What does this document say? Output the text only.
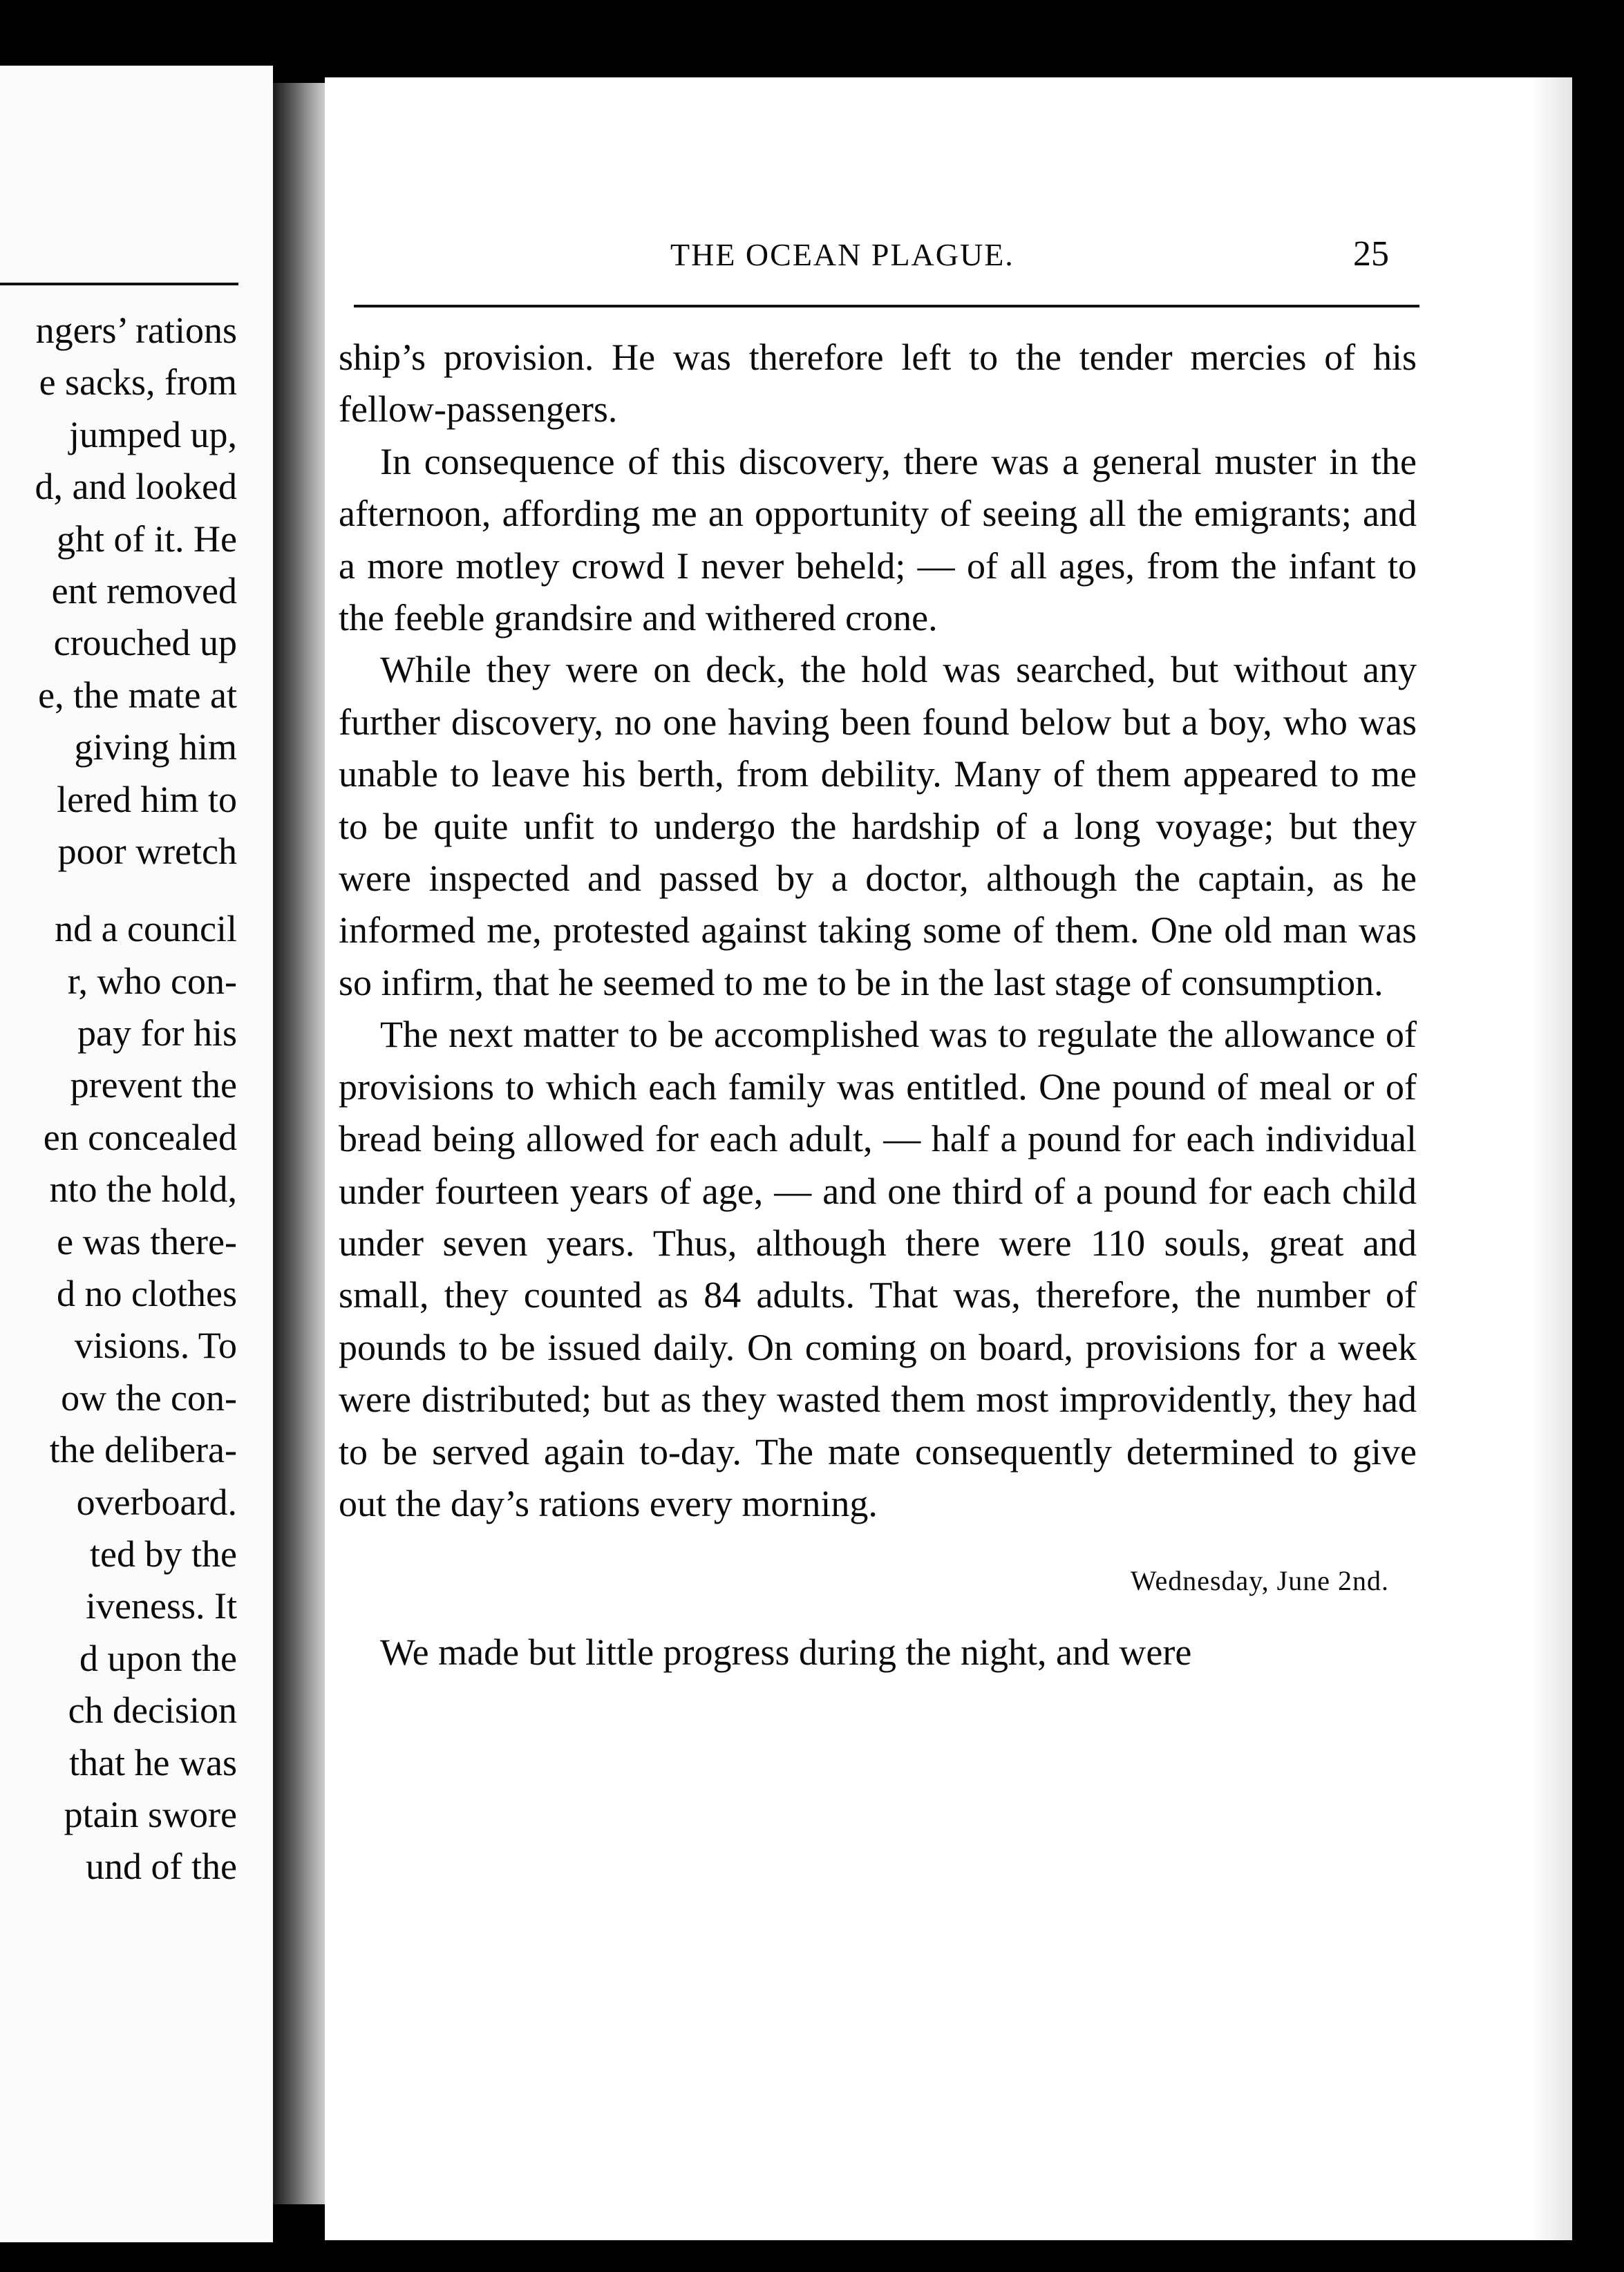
ngers’ rations
e sacks, from
jumped up,
d, and looked
ght of it. He
ent removed
crouched up
e, the mate at
giving him
lered him to
poor wretch
nd a council
r, who con-
pay for his
prevent the
en concealed
nto the hold,
e was there-
d no clothes
visions. To
ow the con-
the delibera-
overboard.
ted by the
iveness. It
d upon the
ch decision
that he was
ptain swore
und of the
THE OCEAN PLAGUE.	25

ship’s provision. He was therefore left to the tender mercies of his fellow-passengers.

In consequence of this discovery, there was a general muster in the afternoon, affording me an opportunity of seeing all the emigrants; and a more motley crowd I never beheld; — of all ages, from the infant to the feeble grandsire and withered crone.

While they were on deck, the hold was searched, but without any further discovery, no one having been found below but a boy, who was unable to leave his berth, from debility. Many of them appeared to me to be quite unfit to undergo the hardship of a long voyage; but they were inspected and passed by a doctor, although the captain, as he informed me, protested against taking some of them. One old man was so infirm, that he seemed to me to be in the last stage of consumption.

The next matter to be accomplished was to regulate the allowance of provisions to which each family was entitled. One pound of meal or of bread being allowed for each adult, — half a pound for each individual under fourteen years of age, — and one third of a pound for each child under seven years. Thus, although there were 110 souls, great and small, they counted as 84 adults. That was, therefore, the number of pounds to be issued daily. On coming on board, provisions for a week were distributed; but as they wasted them most improvidently, they had to be served again to-day. The mate consequently determined to give out the day’s rations every morning.

Wednesday, June 2nd.

We made but little progress during the night, and were
